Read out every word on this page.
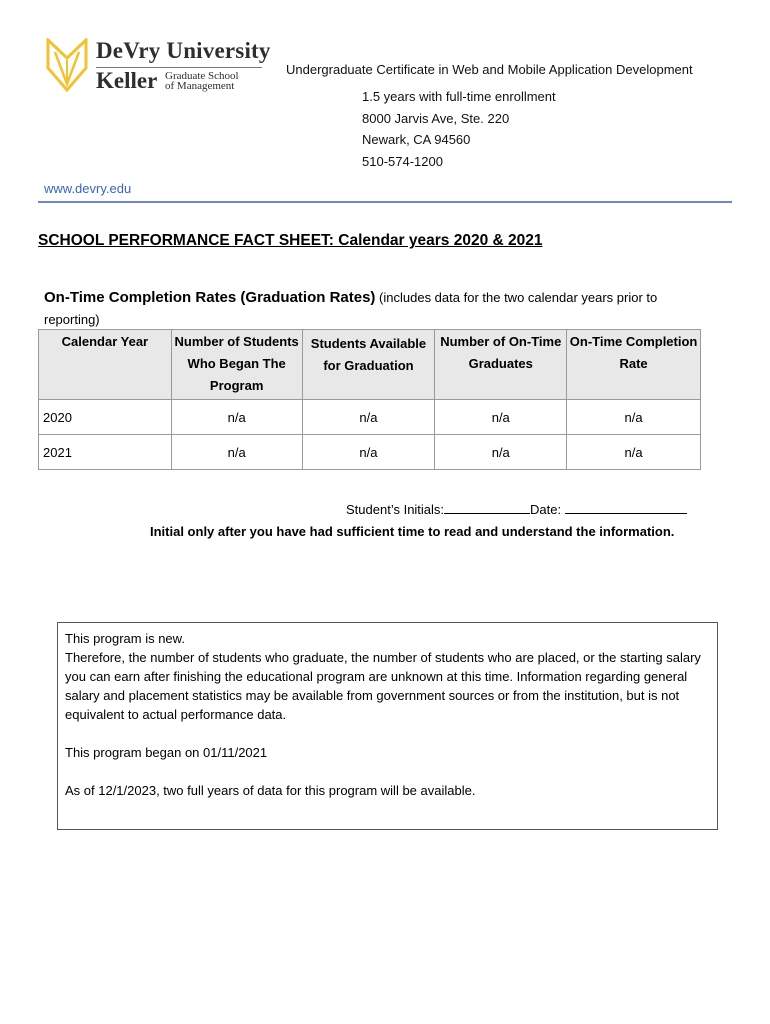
DeVry University
Keller Graduate School
of Management
Undergraduate Certificate in Web and Mobile Application Development
1.5 years with full-time enrollment
8000 Jarvis Ave, Ste. 220
Newark, CA 94560
510-574-1200
www.devry.edu
SCHOOL PERFORMANCE FACT SHEET: Calendar years 2020 & 2021
On-Time Completion Rates (Graduation Rates) (includes data for the two calendar years prior to reporting)
Calendar Year	Number of Students Who Began The Program	Students Available for Graduation	Number of On-Time Graduates	On-Time Completion Rate
2020	n/a	n/a	n/a	n/a
2021	n/a	n/a	n/a	n/a
Student’s Initials:	Date:
Initial only after you have had sufficient time to read and understand the information.

This program is new.

Therefore, the number of students who graduate, the number of students who are placed, or the starting salary you can earn after finishing the educational program are unknown at this time. Information regarding general salary and placement statistics may be available from government sources or from the institution, but is not equivalent to actual performance data.

This program began on 01/11/2021

As of 12/1/2023, two full years of data for this program will be available.
